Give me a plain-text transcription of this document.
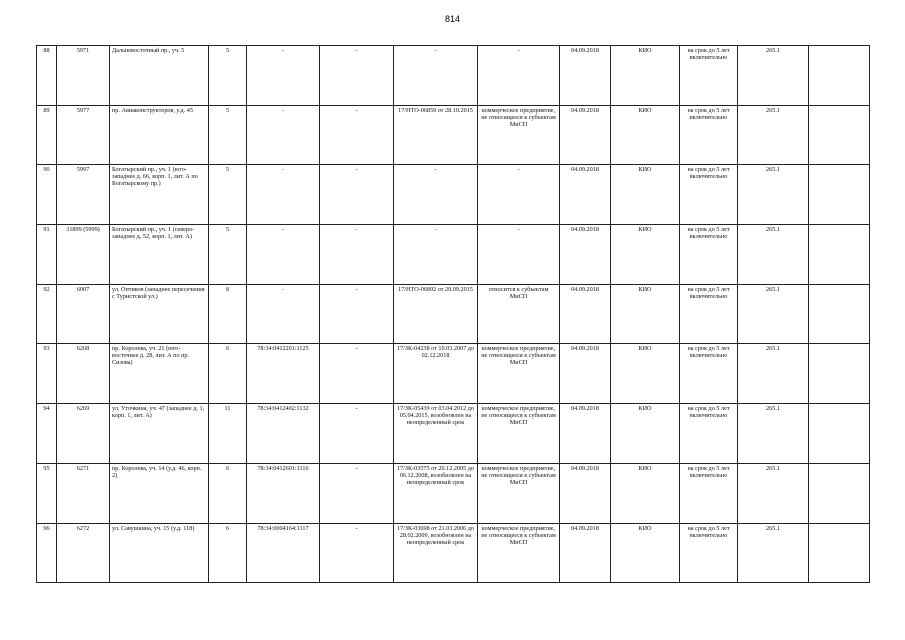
814
88	5971	Дальневосточный пр., уч. 5	5	-	-	-	-	04.09.2018	КИО	на срок до 5 лет включительно	265.1	
89	5977	пр. Авиаконструкторов, у.д. 45	5	-	-	17/НТО-06859 от 28.10.2015	коммерческое предприятие, не относящееся к субъектам МиСП	04.09.2018	КИО	на срок до 5 лет включительно	265.1	
90	5997	Богатырский пр., уч. 1 (юго-западнее д. 66, корп. 1, лит. А по Богатырскому пр.)	5	-	-	-	-	04.09.2018	КИО	на срок до 5 лет включительно	265.1	
91	31899 (5999)	Богатырский пр., уч. 1 (северо-западнее д. 52, корп. 1, лит. А)	5	-	-	-	-	04.09.2018	КИО	на срок до 5 лет включительно	265.1	
92	6007	ул. Оптиков (западнее пересечения с Туристской ул.)	8	-	-	17/НТО-06892 от 29.09.2015	относится к субъектам МиСП	04.09.2018	КИО	на срок до 5 лет включительно	265.1	
93	6268	пр. Королева, уч. 21 (юго-восточнее д. 28, лит. А по пр. Сизова)	6	78:34:0412201:1125	-	17/ЗК-04238 от 10.03.2007 до 02.12.2018	коммерческое предприятие, не относящееся к субъектам МиСП	04.09.2018	КИО	на срок до 5 лет включительно	265.1	
94	6269	ул. Уточкина, уч. 47 (западнее д. 1, корп. 1, лит. А)	11	78:34:0412402:1132	-	17/ЗК-05439 от 03.04.2012 до 05.04.2015, возобновлен на неопределенный срок	коммерческое предприятие, не относящееся к субъектам МиСП	04.09.2018	КИО	на срок до 5 лет включительно	265.1	
95	6271	пр. Королева, уч. 14 (у.д. 46, корп. 2)	6	78:34:0412601:1116	-	17/ЗК-03575 от 20.12.2005 до 06.12.2008, возобновлен на неопределенный срок	коммерческое предприятие, не относящееся к субъектам МиСП	04.09.2018	КИО	на срок до 5 лет включительно	265.1	
96	6272	ул. Савушкина, уч. 15 (у.д. 118)	6	78:34:0004164:1117	-	17/ЗК-03698 от 21.03.2006 до 28.02.2009, возобновлен на неопределенный срок	коммерческое предприятие, не относящееся к субъектам МиСП	04.09.2018	КИО	на срок до 5 лет включительно	265.1	
